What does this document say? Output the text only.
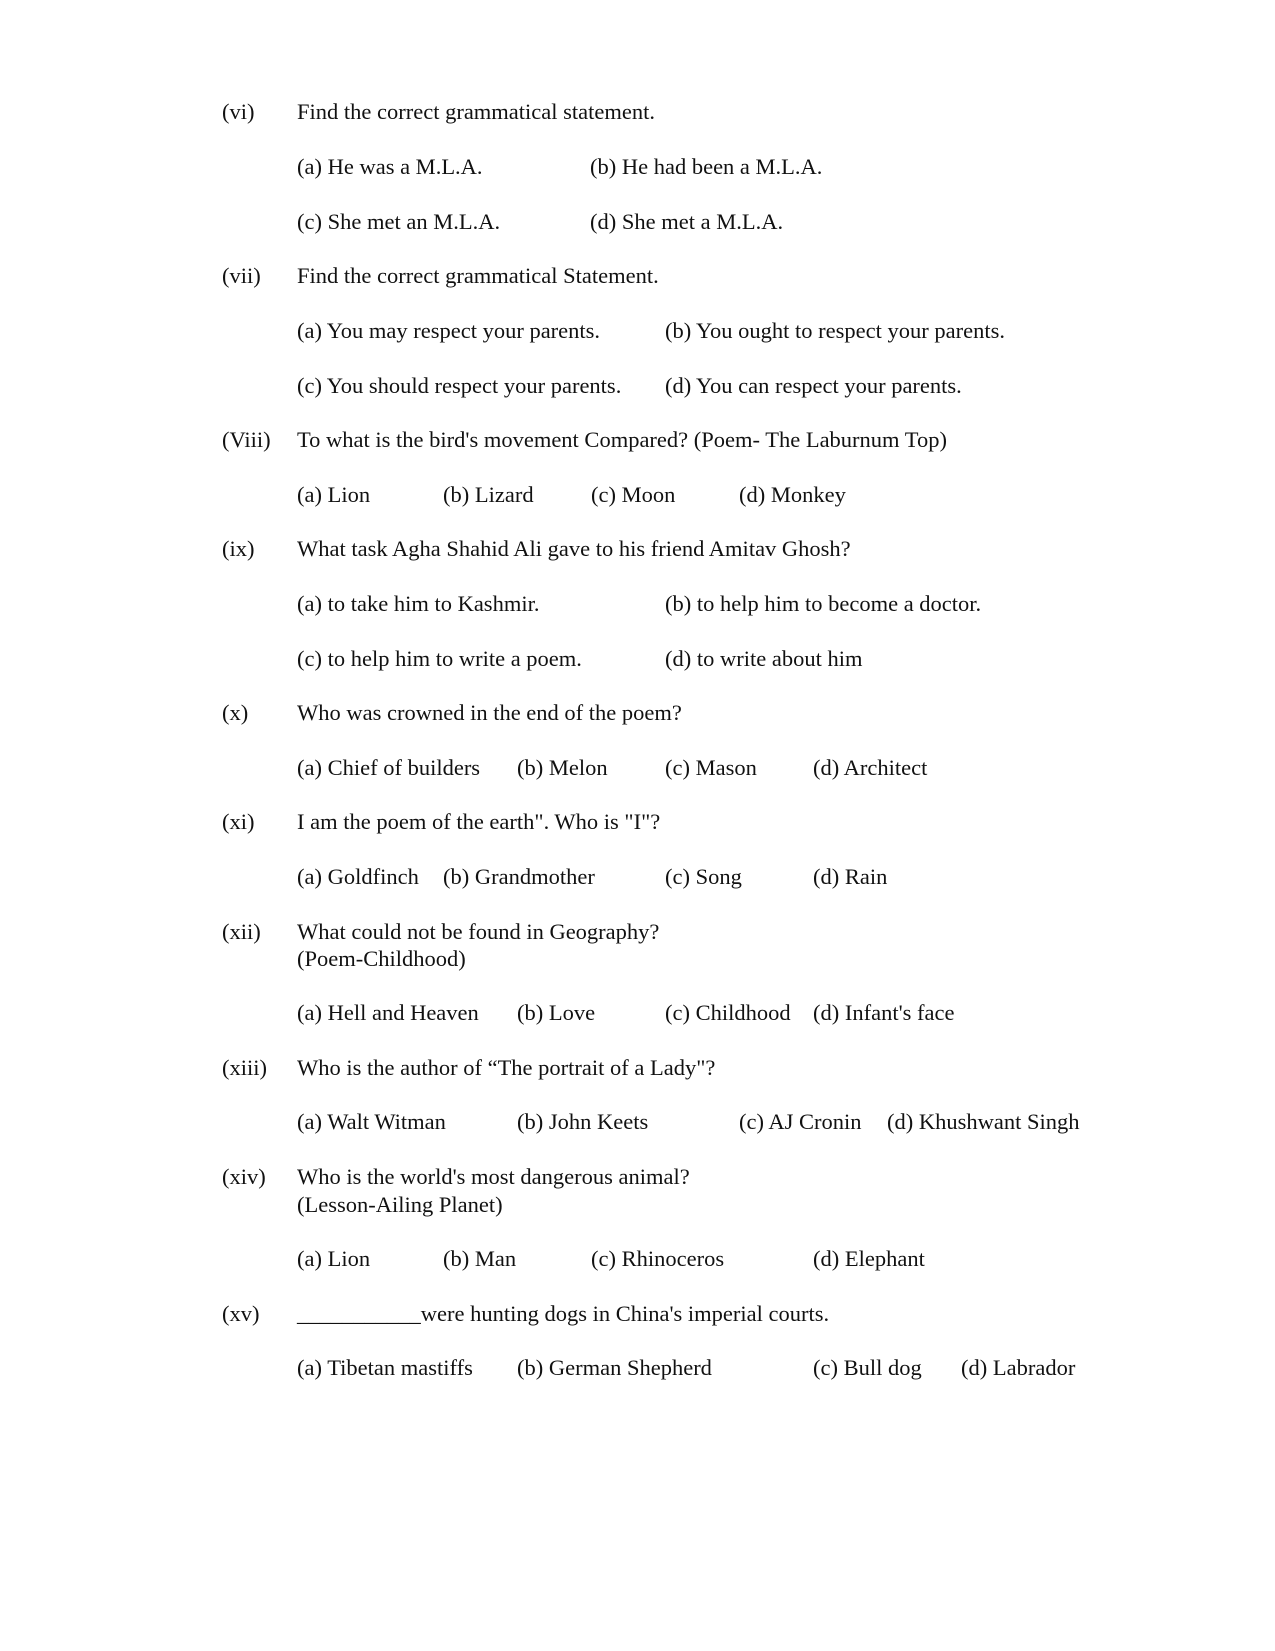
(vi) Find the correct grammatical statement.
(a) He was a M.L.A.	(b) He had been a M.L.A.
(c) She met an M.L.A.	(d) She met a M.L.A.
(vii) Find the correct grammatical Statement.
(a) You may respect your parents.	(b) You ought to respect your parents.
(c) You should respect your parents. (d) You can respect your parents.
(Viii) To what is the bird's movement Compared? (Poem- The Laburnum Top)
(a) Lion	(b) Lizard	(c) Moon	(d) Monkey
(ix) What task Agha Shahid Ali gave to his friend Amitav Ghosh?
(a) to take him to Kashmir.	(b) to help him to become a doctor.
(c) to help him to write a poem.	(d) to write about him
(x) Who was crowned in the end of the poem?
(a) Chief of builders (b) Melon	(c) Mason (d) Architect
(xi) I am the poem of the earth". Who is "I"?
(a) Goldfinch (b) Grandmother	(c) Song	(d) Rain
(xii) What could not be found in Geography?
(Poem-Childhood)
(a) Hell and Heaven (b) Love	(c) Childhood (d) Infant's face
(xiii) Who is the author of “The portrait of a Lady"?
(a) Walt Witman	(b) John Keets	(c) AJ Cronin (d) Khushwant Singh
(xiv) Who is the world's most dangerous animal?
(Lesson-Ailing Planet)
(a) Lion	(b) Man	(c) Rhinoceros	(d) Elephant
(xv) ___________were hunting dogs in China's imperial courts.
(a) Tibetan mastiffs (b) German Shepherd	(c) Bull dog (d) Labrador
